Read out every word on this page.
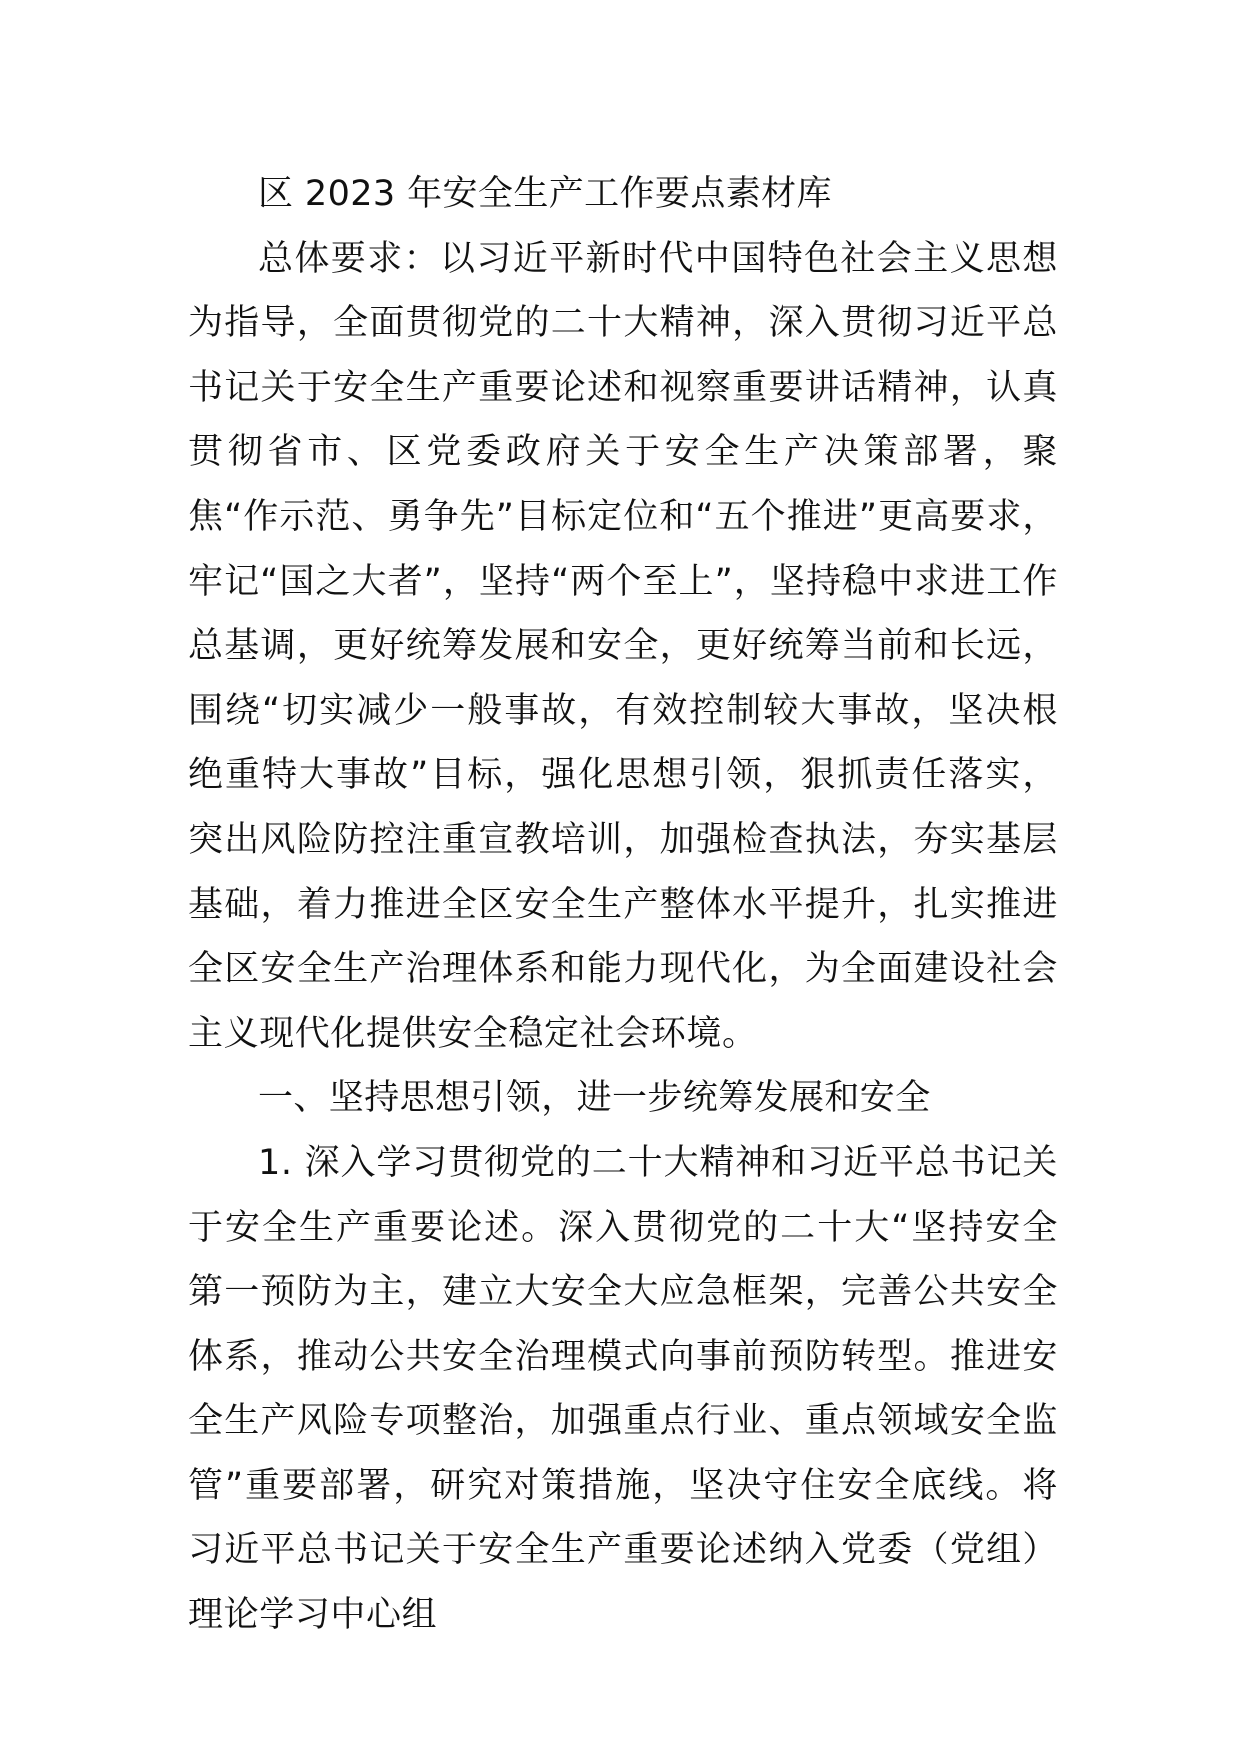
区 2023 年安全生产工作要点素材库

总体要求：以习近平新时代中国特色社会主义思想为指导，全面贯彻党的二十大精神，深入贯彻习近平总书记关于安全生产重要论述和视察重要讲话精神，认真贯彻省市、区党委政府关于安全生产决策部署，聚焦“作示范、勇争先”目标定位和“五个推进”更高要求，牢记“国之大者”，坚持“两个至上”，坚持稳中求进工作总基调，更好统筹发展和安全，更好统筹当前和长远，围绕“切实减少一般事故，有效控制较大事故，坚决根绝重特大事故”目标，强化思想引领，狠抓责任落实，突出风险防控注重宣教培训，加强检查执法，夯实基层基础，着力推进全区安全生产整体水平提升，扎实推进全区安全生产治理体系和能力现代化，为全面建设社会主义现代化提供安全稳定社会环境。

一、坚持思想引领，进一步统筹发展和安全

1. 深入学习贯彻党的二十大精神和习近平总书记关于安全生产重要论述。深入贯彻党的二十大“坚持安全第一预防为主，建立大安全大应急框架，完善公共安全体系，推动公共安全治理模式向事前预防转型。推进安全生产风险专项整治，加强重点行业、重点领域安全监管”重要部署，研究对策措施，坚决守住安全底线。将习近平总书记关于安全生产重要论述纳入党委（党组）理论学习中心组
